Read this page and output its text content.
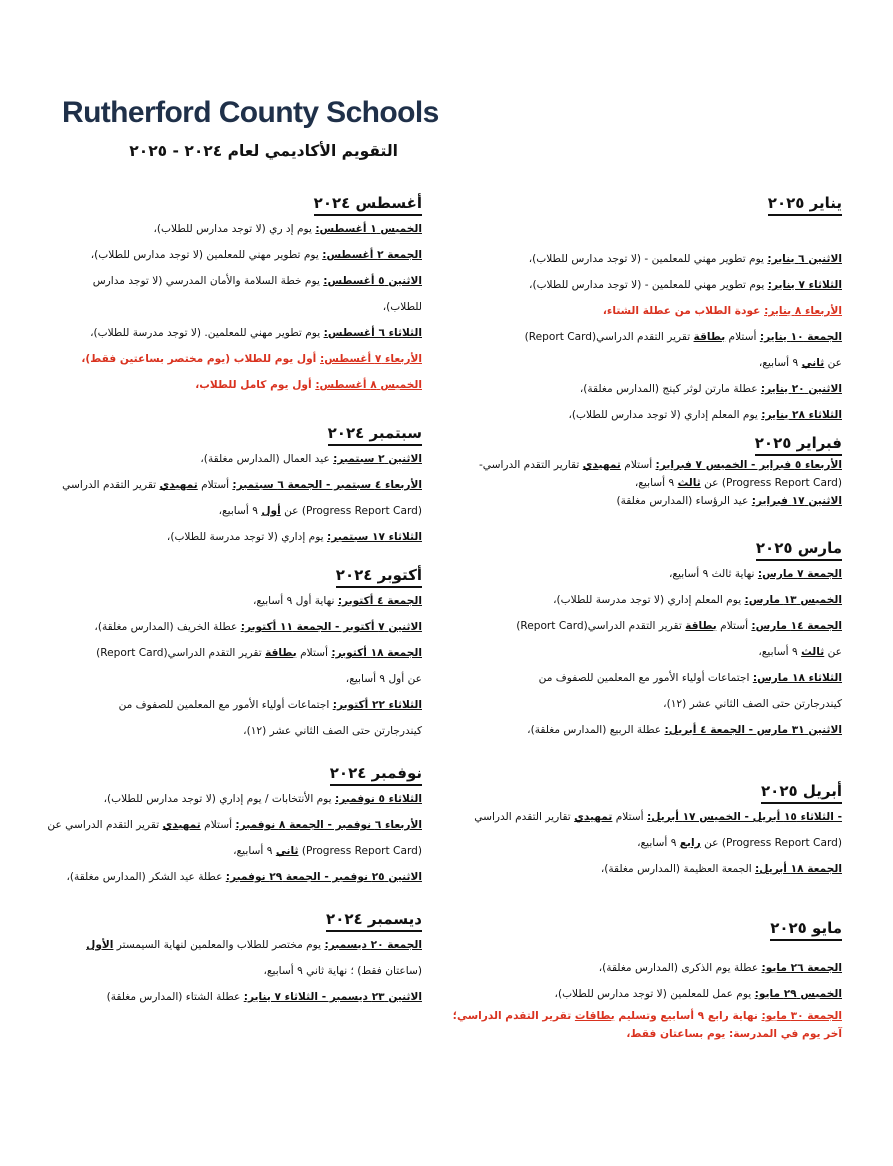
Rutherford County Schools
التقويم الأكاديمي لعام ٢٠٢٤ - ٢٠٢٥
أغسطس ٢٠٢٤
الخميس ١ أغسطس: يوم إد ري (لا توجد مدارس للطلاب)،
الجمعة ٢ أغسطس: يوم تطوير مهني للمعلمين (لا توجد مدارس للطلاب)،
الاثنين ٥ أغسطس: يوم خطة السلامة والأمان المدرسي (لا توجد مدارس
للطلاب)،
الثلاثاء ٦ أغسطس: يوم تطوير مهني للمعلمين. (لا توجد مدرسة للطلاب)،
الأربعاء ٧ أغسطس: أول يوم للطلاب (يوم مختصر بساعتين فقط)،
الخميس ٨ أغسطس: أول يوم كامل للطلاب،
سبتمبر ٢٠٢٤
الاثنين ٢ سبتمبر: عيد العمال (المدارس مغلقة)،
الأربعاء ٤ سبتمبر - الجمعة ٦ سبتمبر: أستلام تمهيدي تقرير التقدم الدراسي
(Progress Report Card) عن أول ٩ أسابيع،
الثلاثاء ١٧ سبتمبر: يوم إداري (لا توجد مدرسة للطلاب)،
أكتوبر ٢٠٢٤
الجمعة ٤ أكتوبر: نهاية أول ٩ أسابيع،
الاثنين ٧ أكتوبر - الجمعة ١١ أكتوبر: عطلة الخريف (المدارس مغلقة)،
الجمعة ١٨ أكتوبر: أستلام بطاقة تقرير التقدم الدراسي(Report Card)
عن أول ٩ أسابيع،
الثلاثاء ٢٢ أكتوبر: اجتماعات أولياء الأمور مع المعلمين للصفوف من
كيندرجارتن حتى الصف الثاني عشر (١٢)،
نوفمبر ٢٠٢٤
الثلاثاء ٥ نوفمبر: يوم الأنتخابات / يوم إداري (لا توجد مدارس للطلاب)،
الأربعاء ٦ نوفمبر - الجمعة ٨ نوفمبر: أستلام تمهيدي تقرير التقدم الدراسي عن
(Progress Report Card) ثاني ٩ أسابيع،
الاثنين ٢٥ نوفمبر - الجمعة ٢٩ نوفمبر: عطلة عيد الشكر (المدارس مغلقة)،
ديسمبر ٢٠٢٤
الجمعة ٢٠ ديسمبر: يوم مختصر للطلاب والمعلمين لنهاية السيمستر الأول
(ساعتان فقط) ؛ نهاية ثاني ٩ أسابيع،
الاثنين ٢٣ ديسمبر - الثلاثاء ٧ يناير: عطلة الشتاء (المدارس مغلقة)
يناير ٢٠٢٥
الاثنين ٦ يناير: يوم تطوير مهني للمعلمين - (لا توجد مدارس للطلاب)،
الثلاثاء ٧ يناير: يوم تطوير مهني للمعلمين - (لا توجد مدارس للطلاب)،
الأربعاء ٨ يناير: عودة الطلاب من عطلة الشتاء،
الجمعة ١٠ يناير: أستلام بطاقة تقرير التقدم الدراسي(Report Card)
عن ثاني ٩ أسابيع،
الاثنين ٢٠ يناير: عطلة مارتن لوثر كينج (المدارس مغلقة)،
الثلاثاء ٢٨ يناير: يوم المعلم إداري (لا توجد مدارس للطلاب)،
فبراير ٢٠٢٥
الأربعاء ٥ فبراير - الخميس ٧ فبراير: أستلام تمهيدي تقارير التقدم الدراسي-
(Progress Report Card) عن ثالث ٩ أسابيع،
الاثنين ١٧ فبراير: عيد الرؤساء (المدارس مغلقة)
مارس ٢٠٢٥
الجمعة ٧ مارس: نهاية ثالث ٩ أسابيع،
الخميس ١٣ مارس: يوم المعلم إداري (لا توجد مدرسة للطلاب)،
الجمعة ١٤ مارس: أستلام بطاقة تقرير التقدم الدراسي(Report Card)
عن ثالث ٩ أسابيع،
الثلاثاء ١٨ مارس: اجتماعات أولياء الأمور مع المعلمين للصفوف من
كيندرجارتن حتى الصف الثاني عشر (١٢)،
الاثنين ٣١ مارس - الجمعة ٤ أبريل: عطلة الربيع (المدارس مغلقة)،
أبريل ٢٠٢٥
- الثلاثاء ١٥ أبريل - الخميس ١٧ أبريل: أستلام تمهيدي تقارير التقدم الدراسي
(Progress Report Card) عن رابع ٩ أسابيع،
الجمعة ١٨ أبريل: الجمعة العظيمة (المدارس مغلقة)،
مايو ٢٠٢٥
الجمعة ٢٦ مايو: عطلة يوم الذكرى (المدارس مغلقة)،
الخميس ٢٩ مايو: يوم عمل للمعلمين (لا توجد مدارس للطلاب)،
الجمعة ٣٠ مايو: نهاية رابع ٩ أسابيع وتسليم بطاقات تقرير التقدم الدراسي؛
آخر يوم في المدرسة: يوم بساعتان فقط،
